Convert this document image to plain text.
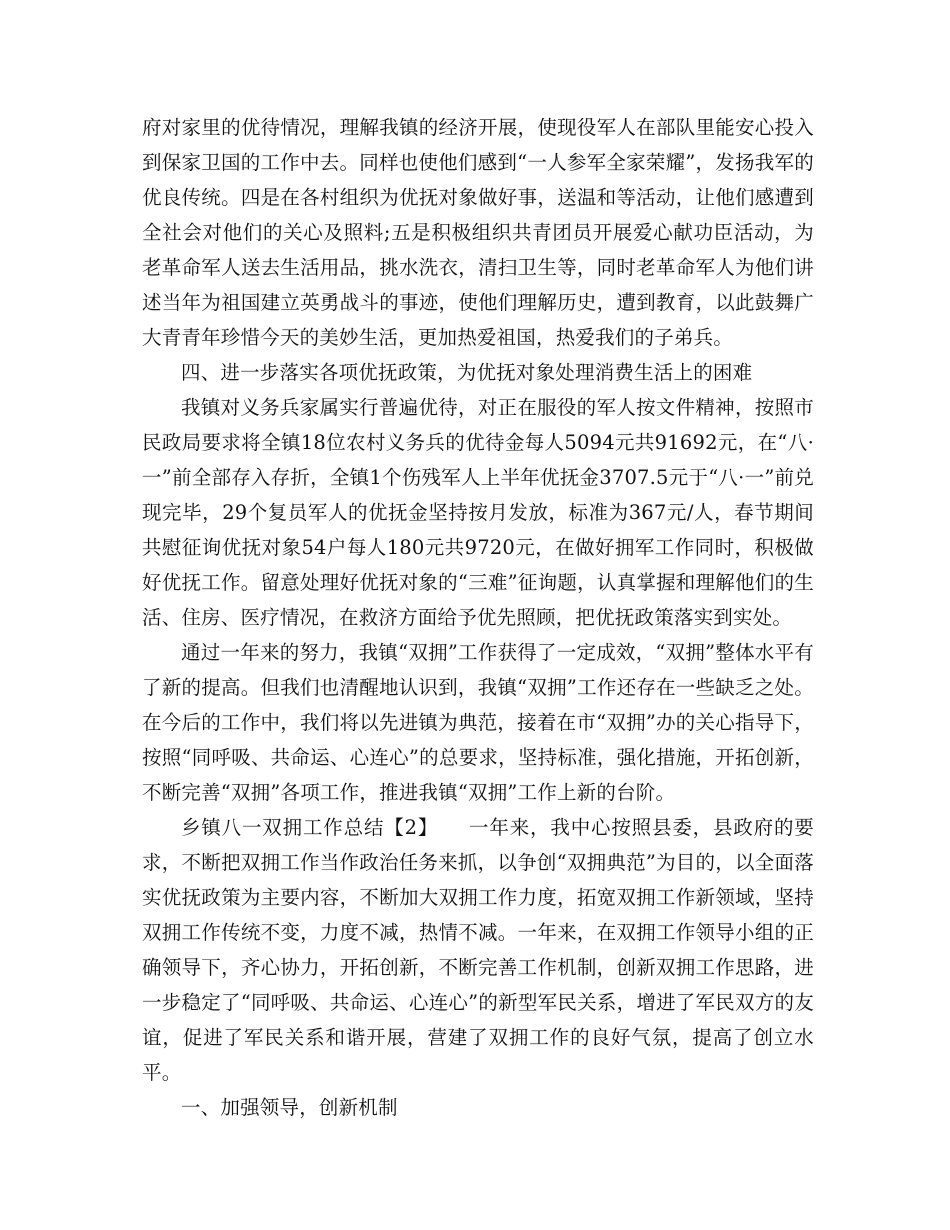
府对家里的优待情况，理解我镇的经济开展，使现役军人在部队里能安心投入到保家卫国的工作中去。同样也使他们感到“一人参军全家荣耀”，发扬我军的优良传统。四是在各村组织为优抚对象做好事，送温和等活动，让他们感遭到全社会对他们的关心及照料;五是积极组织共青团员开展爱心献功臣活动，为老革命军人送去生活用品，挑水洗衣，清扫卫生等，同时老革命军人为他们讲述当年为祖国建立英勇战斗的事迹，使他们理解历史，遭到教育，以此鼓舞广大青青年珍惜今天的美妙生活，更加热爱祖国，热爱我们的子弟兵。

四、进一步落实各项优抚政策，为优抚对象处理消费生活上的困难

我镇对义务兵家属实行普遍优待，对正在服役的军人按文件精神，按照市民政局要求将全镇18位农村义务兵的优待金每人5094元共91692元，在“八·一”前全部存入存折，全镇1个伤残军人上半年优抚金3707.5元于“八·一”前兑现完毕，29个复员军人的优抚金坚持按月发放，标准为367元/人，春节期间共慰征询优抚对象54户每人180元共9720元，在做好拥军工作同时，积极做好优抚工作。留意处理好优抚对象的“三难”征询题，认真掌握和理解他们的生活、住房、医疗情况，在救济方面给予优先照顾，把优抚政策落实到实处。

通过一年来的努力，我镇“双拥”工作获得了一定成效，“双拥”整体水平有了新的提高。但我们也清醒地认识到，我镇“双拥”工作还存在一些缺乏之处。在今后的工作中，我们将以先进镇为典范，接着在市“双拥”办的关心指导下，按照“同呼吸、共命运、心连心”的总要求，坚持标准，强化措施，开拓创新，不断完善“双拥”各项工作，推进我镇“双拥”工作上新的台阶。

乡镇八一双拥工作总结【2】　　一年来，我中心按照县委，县政府的要求，不断把双拥工作当作政治任务来抓，以争创“双拥典范”为目的，以全面落实优抚政策为主要内容，不断加大双拥工作力度，拓宽双拥工作新领域，坚持双拥工作传统不变，力度不减，热情不减。一年来，在双拥工作领导小组的正确领导下，齐心协力，开拓创新，不断完善工作机制，创新双拥工作思路，进一步稳定了“同呼吸、共命运、心连心”的新型军民关系，增进了军民双方的友谊，促进了军民关系和谐开展，营建了双拥工作的良好气氛，提高了创立水平。

一、加强领导，创新机制
